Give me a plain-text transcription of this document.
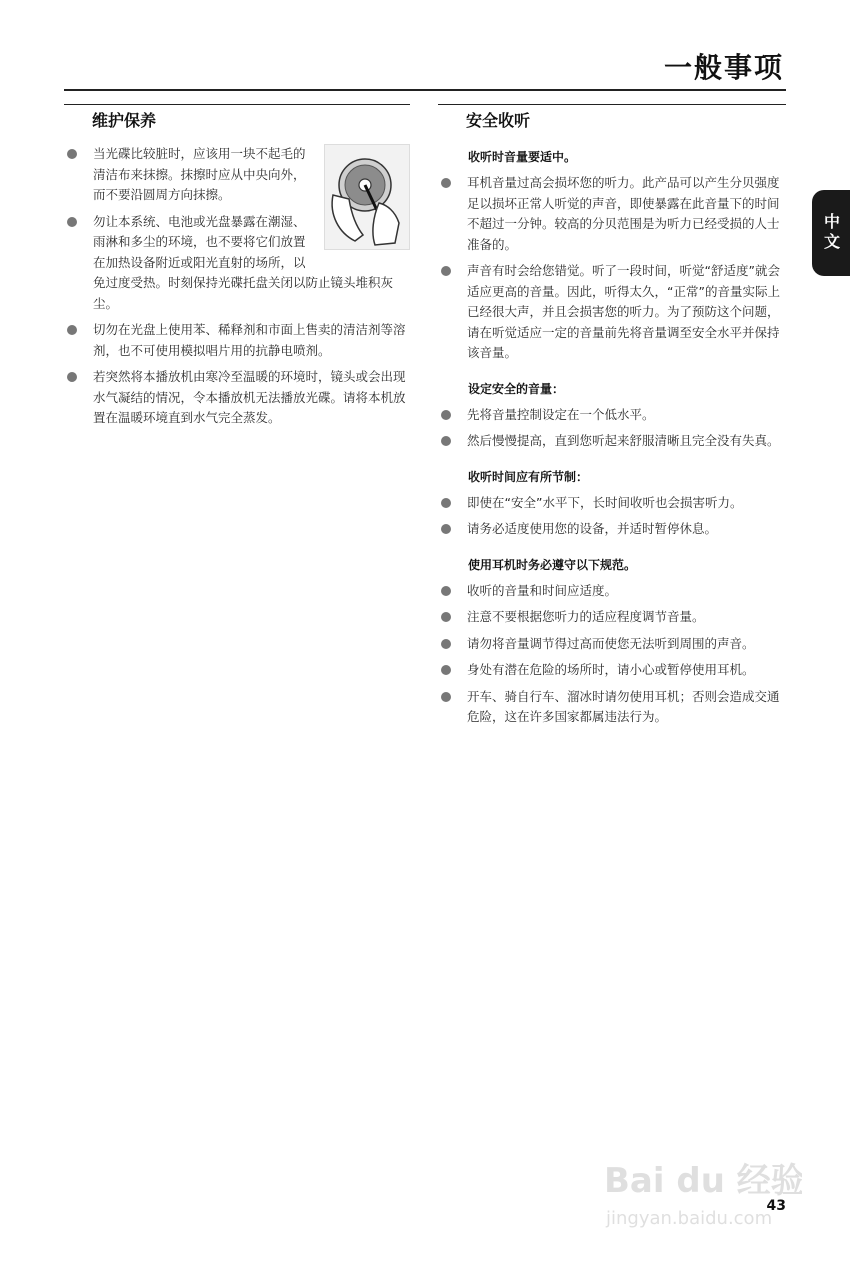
一般事项
中文
维护保养
当光碟比较脏时，应该用一块不起毛的清洁布来抹擦。抹擦时应从中央向外，而不要沿圆周方向抹擦。
勿让本系统、电池或光盘暴露在潮湿、雨淋和多尘的环境，也不要将它们放置在加热设备附近或阳光直射的场所，以免过度受热。时刻保持光碟托盘关闭以防止镜头堆积灰尘。
切勿在光盘上使用苯、稀释剂和市面上售卖的清洁剂等溶剂，也不可使用模拟唱片用的抗静电喷剂。
若突然将本播放机由寒冷至温暖的环境时，镜头或会出现水气凝结的情况，令本播放机无法播放光碟。请将本机放置在温暖环境直到水气完全蒸发。
安全收听
收听时音量要适中。
耳机音量过高会损坏您的听力。此产品可以产生分贝强度足以损坏正常人听觉的声音，即使暴露在此音量下的时间不超过一分钟。较高的分贝范围是为听力已经受损的人士准备的。
声音有时会给您错觉。听了一段时间，听觉“舒适度”就会适应更高的音量。因此，听得太久，“正常”的音量实际上已经很大声，并且会损害您的听力。为了预防这个问题，请在听觉适应一定的音量前先将音量调至安全水平并保持该音量。
设定安全的音量：
先将音量控制设定在一个低水平。
然后慢慢提高，直到您听起来舒服清晰且完全没有失真。
收听时间应有所节制：
即使在“安全”水平下，长时间收听也会损害听力。
请务必适度使用您的设备，并适时暂停休息。
使用耳机时务必遵守以下规范。
收听的音量和时间应适度。
注意不要根据您听力的适应程度调节音量。
请勿将音量调节得过高而使您无法听到周围的声音。
身处有潜在危险的场所时，请小心或暂停使用耳机。
开车、骑自行车、溜冰时请勿使用耳机；否则会造成交通危险，这在许多国家都属违法行为。
Bai du 经验
jingyan.baidu.com
43
